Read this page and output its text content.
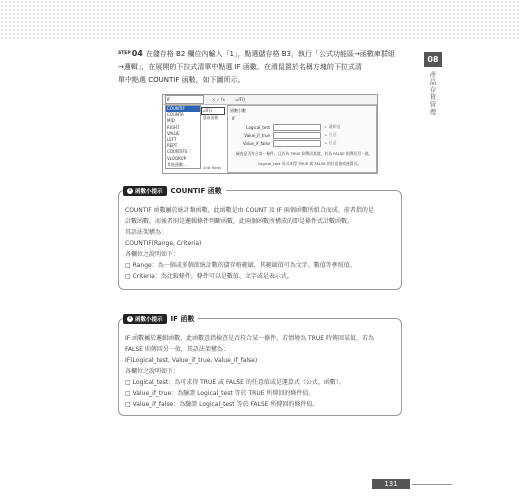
$^{STEP}$04 在儲存格 B2 欄位內輸入「1」，點選儲存格 B3，執行「公式功能區→函數庫群組
→邏輯」，在展開的下拉式清單中點選 IF 函數。在滑鼠置於名稱方塊的下拉式清
單中點選 COUNTIF 函數，如下圖所示。
08
產品存貨管理
IF	✕ ✓ fx	=IF()
COUNTIF
COUNTA
MID
RIGHT
VALUE
LEFT
REPT
COUNTIFS
VLOOKUP
其他函數...
=IF()
選取函數
208 Rows
函數引數
IF
Logical_test	= 邏輯值
Value_if_true	= 任意
Value_if_false	= 任意
檢查是否符合某一條件，且若為 TRUE 則傳回某值，若為 FALSE 則傳回另一值。
Logical_test 為可求得 TRUE 或 FALSE 的任意值或運算式。
i 函數小提示 COUNTIF 函數

COUNTIF 函數屬於統計類函數，此函數是由 COUNT 及 IF 兩個函數所組合而成，前者指的是

計數函數，而後者則是邏輯條件判斷函數，此兩個函數所構成的即是條件式計數函數。

其語法架構為：

COUNTIF(Range, Criteria)

各欄位之說明如下：

□ Range：為一個或多個欲統計數的儲存格範圍，其範圍值可為文字、數值等參照值。

□ Criteria：為比較條件，條件可以是數值、文字或是表示式。

i 函數小提示 IF 函數

IF 函數屬於邏輯函數，此函數意指檢查是否符合某一條件，若情境為 TRUE 時傳回某值，若為

FALSE 則傳回另一值，其語法架構為：

IF(Logical_test, Value_if_true, Value_if_false)

各欄位之說明如下：

□ Logical_test：為可求得 TRUE 或 FALSE 的任意值或是運算式（公式、函數）。

□ Value_if_true：為驗證 Logical_test 等於 TRUE 所傳回的條件值。

□ Value_if_false：為驗證 Logical_test 等於 FALSE 所傳回的條件值。

131
